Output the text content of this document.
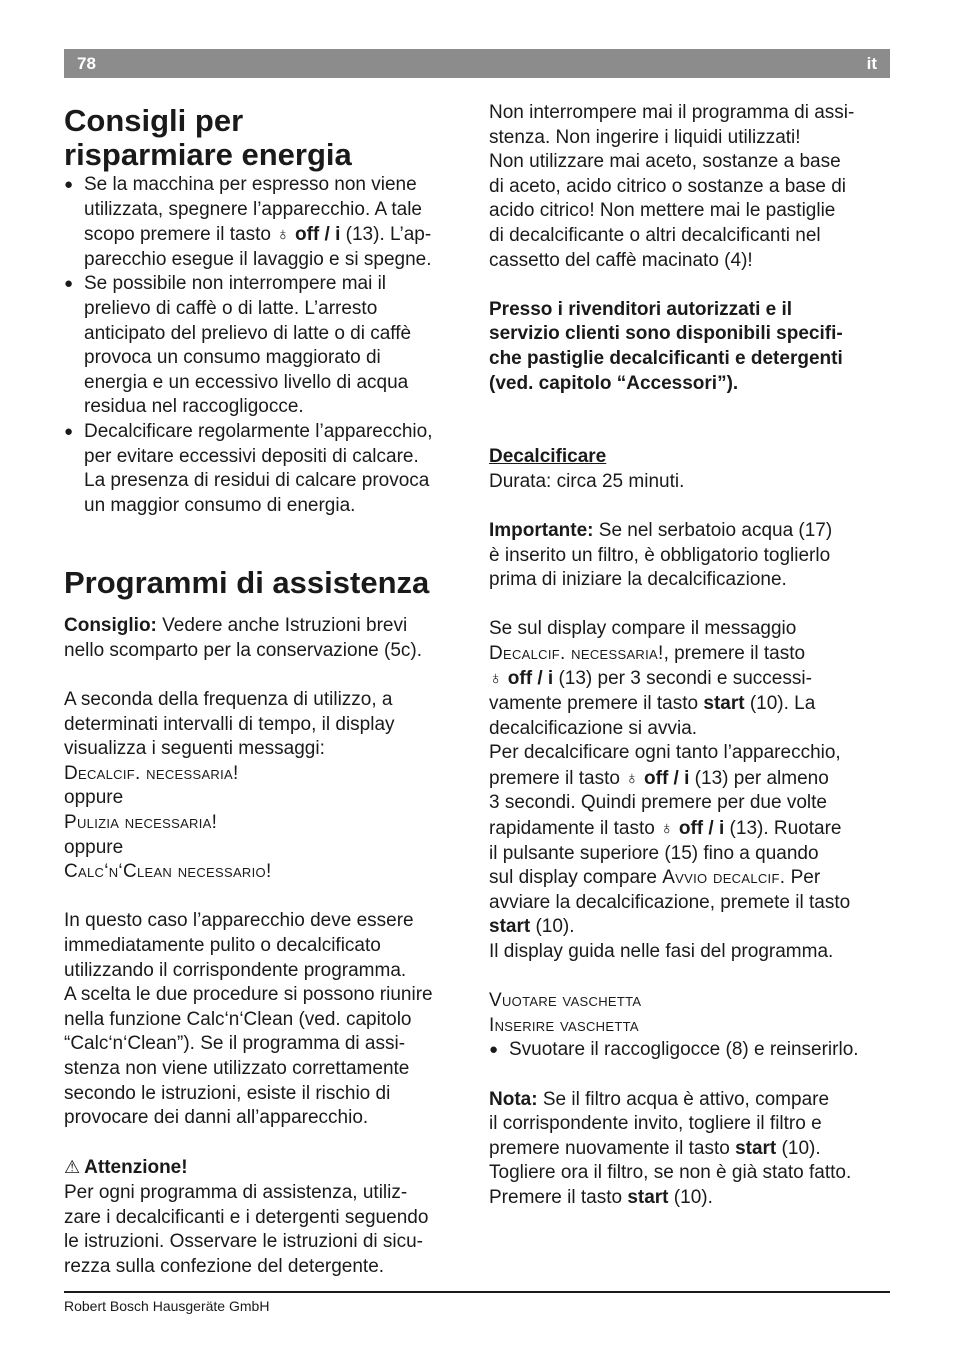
78	it
Consigli per
risparmiare energia
● Se la macchina per espresso non viene
utilizzata, spegnere l’apparecchio. A tale
scopo premere il tasto ♁ off / i (13). L’ap-
parecchio esegue il lavaggio e si spegne.
● Se possibile non interrompere mai il
prelievo di caffè o di latte. L’arresto
anticipato del prelievo di latte o di caffè
provoca un consumo maggiorato di
energia e un eccessivo livello di acqua
residua nel raccogligocce.
● Decalcificare regolarmente l’apparecchio,
per evitare eccessivi depositi di calcare.
La presenza di residui di calcare provoca
un maggior consumo di energia.
Programmi di assistenza

Consiglio: Vedere anche Istruzioni brevi
nello scomparto per la conservazione (5c).

A seconda della frequenza di utilizzo, a
determinati intervalli di tempo, il display
visualizza i seguenti messaggi:
Decalcif. necessaria!
oppure
Pulizia necessaria!
oppure
Calc‘n‘Clean necessario!

In questo caso l’apparecchio deve essere
immediatamente pulito o decalcificato
utilizzando il corrispondente programma.
A scelta le due procedure si possono riunire
nella funzione Calc‘n‘Clean (ved. capitolo
“Calc‘n‘Clean”). Se il programma di assi-
stenza non viene utilizzato correttamente
secondo le istruzioni, esiste il rischio di
provocare dei danni all’apparecchio.

⚠ Attenzione!
Per ogni programma di assistenza, utiliz-
zare i decalcificanti e i detergenti seguendo
le istruzioni. Osservare le istruzioni di sicu-
rezza sulla confezione del detergente.

Non interrompere mai il programma di assi-
stenza. Non ingerire i liquidi utilizzati!
Non utilizzare mai aceto, sostanze a base
di aceto, acido citrico o sostanze a base di
acido citrico! Non mettere mai le pastiglie
di decalcificante o altri decalcificanti nel
cassetto del caffè macinato (4)!

Presso i rivenditori autorizzati e il
servizio clienti sono disponibili specifi-
che pastiglie decalcificanti e detergenti
(ved. capitolo “Accessori”).

Decalcificare
Durata: circa 25 minuti.

Importante: Se nel serbatoio acqua (17)
è inserito un filtro, è obbligatorio toglierlo
prima di iniziare la decalcificazione.

Se sul display compare il messaggio
Decalcif. necessaria!, premere il tasto
♁ off / i (13) per 3 secondi e successi-
vamente premere il tasto start (10). La
decalcificazione si avvia.
Per decalcificare ogni tanto l’apparecchio,
premere il tasto ♁ off / i (13) per almeno
3 secondi. Quindi premere per due volte
rapidamente il tasto ♁ off / i (13). Ruotare
il pulsante superiore (15) fino a quando
sul display compare Avvio decalcif. Per
avviare la decalcificazione, premete il tasto
start (10).
Il display guida nelle fasi del programma.

Vuotare vaschetta
Inserire vaschetta

● Svuotare il raccogligocce (8) e reinserirlo.

Nota: Se il filtro acqua è attivo, compare
il corrispondente invito, togliere il filtro e
premere nuovamente il tasto start (10).
Togliere ora il filtro, se non è già stato fatto.
Premere il tasto start (10).

Robert Bosch Hausgeräte GmbH
